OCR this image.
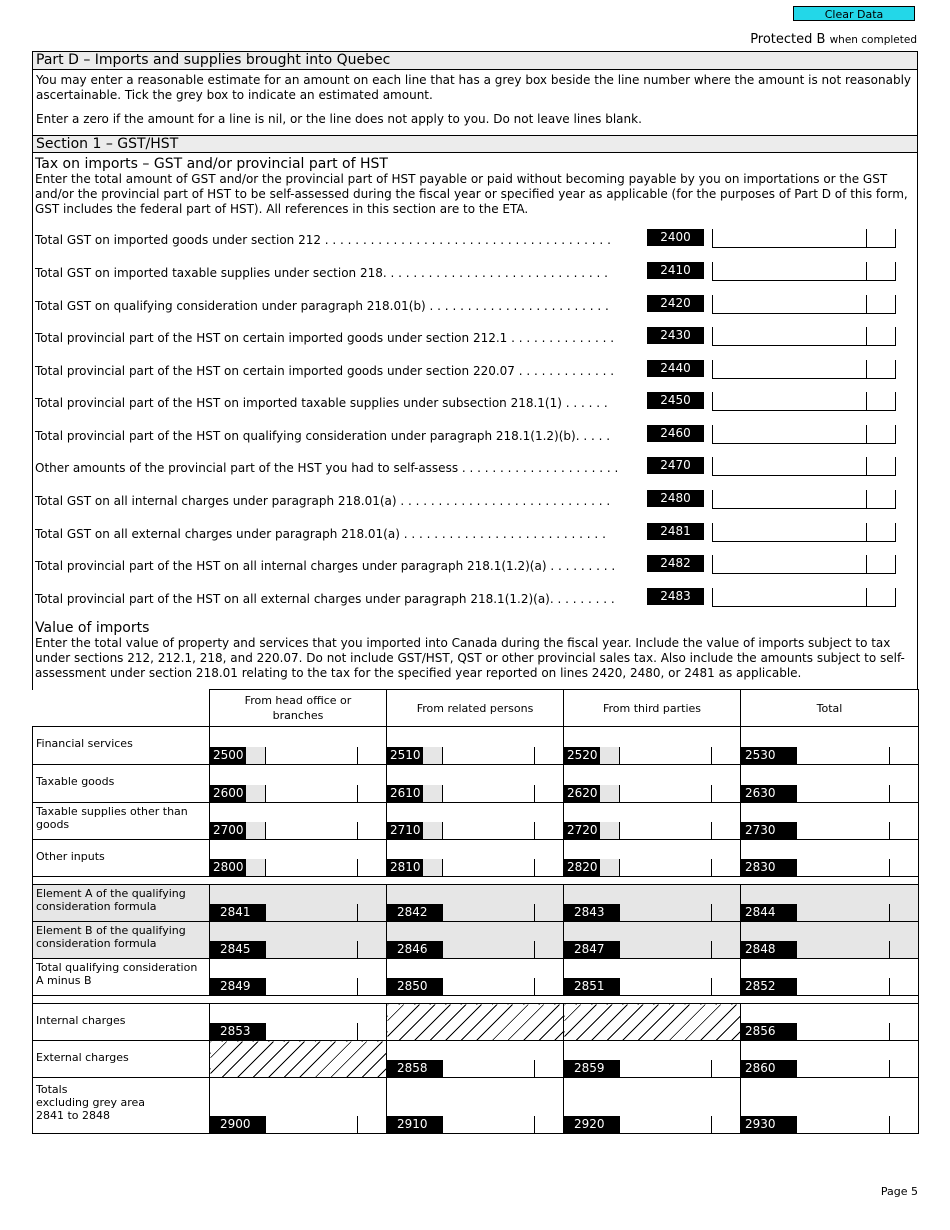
Clear Data
Protected B when completed
Part D – Imports and supplies brought into Quebec
You may enter a reasonable estimate for an amount on each line that has a grey box beside the line number where the amount is not reasonably ascertainable. Tick the grey box to indicate an estimated amount.
Enter a zero if the amount for a line is nil, or the line does not apply to you. Do not leave lines blank.
Section 1 – GST/HST
Tax on imports – GST and/or provincial part of HST
Enter the total amount of GST and/or the provincial part of HST payable or paid without becoming payable by you on importations or the GST and/or the provincial part of HST to be self-assessed during the fiscal year or specified year as applicable (for the purposes of Part D of this form, GST includes the federal part of HST). All references in this section are to the ETA.
Total GST on imported goods under section 212 . . . . . . . . . . . . . . . . . . . . . . . . . . . . . . . . . . . . . .	2400
Total GST on imported taxable supplies under section 218. . . . . . . . . . . . . . . . . . . . . . . . . . . . . .	2410
Total GST on qualifying consideration under paragraph 218.01(b) . . . . . . . . . . . . . . . . . . . . . . . .	2420
Total provincial part of the HST on certain imported goods under section 212.1 . . . . . . . . . . . . . .	2430
Total provincial part of the HST on certain imported goods under section 220.07 . . . . . . . . . . . . .	2440
Total provincial part of the HST on imported taxable supplies under subsection 218.1(1) . . . . . .	2450
Total provincial part of the HST on qualifying consideration under paragraph 218.1(1.2)(b). . . . .	2460
Other amounts of the provincial part of the HST you had to self-assess . . . . . . . . . . . . . . . . . . . . .	2470
Total GST on all internal charges under paragraph 218.01(a) . . . . . . . . . . . . . . . . . . . . . . . . . . . .	2480
Total GST on all external charges under paragraph 218.01(a) . . . . . . . . . . . . . . . . . . . . . . . . . . .	2481
Total provincial part of the HST on all internal charges under paragraph 218.1(1.2)(a) . . . . . . . . .	2482
Total provincial part of the HST on all external charges under paragraph 218.1(1.2)(a). . . . . . . . .	2483
Value of imports
Enter the total value of property and services that you imported into Canada during the fiscal year. Include the value of imports subject to tax under sections 212, 212.1, 218, and 220.07. Do not include GST/HST, QST or other provincial sales tax. Also include the amounts subject to self-assessment under section 218.01 relating to the tax for the specified year reported on lines 2420, 2480, or 2481 as applicable.

	From head office or branches	From related persons	From third parties	Total
Financial services	2500	2510	2520	2530

Taxable goods	2600	2610	2620	2630

Taxable supplies other than goods	2700	2710	2720	2730

Other inputs	2800	2810	2820	2830

Element A of the qualifying consideration formula	2841	2842	2843	2844

Element B of the qualifying consideration formula	2845	2846	2847	2848

Total qualifying consideration A minus B	2849	2850	2851	2852

Internal charges	2853			2856

External charges		2858	2859	2860

Totals
excluding grey area
2841 to 2848	2900	2910	2920	2930
Page 5
